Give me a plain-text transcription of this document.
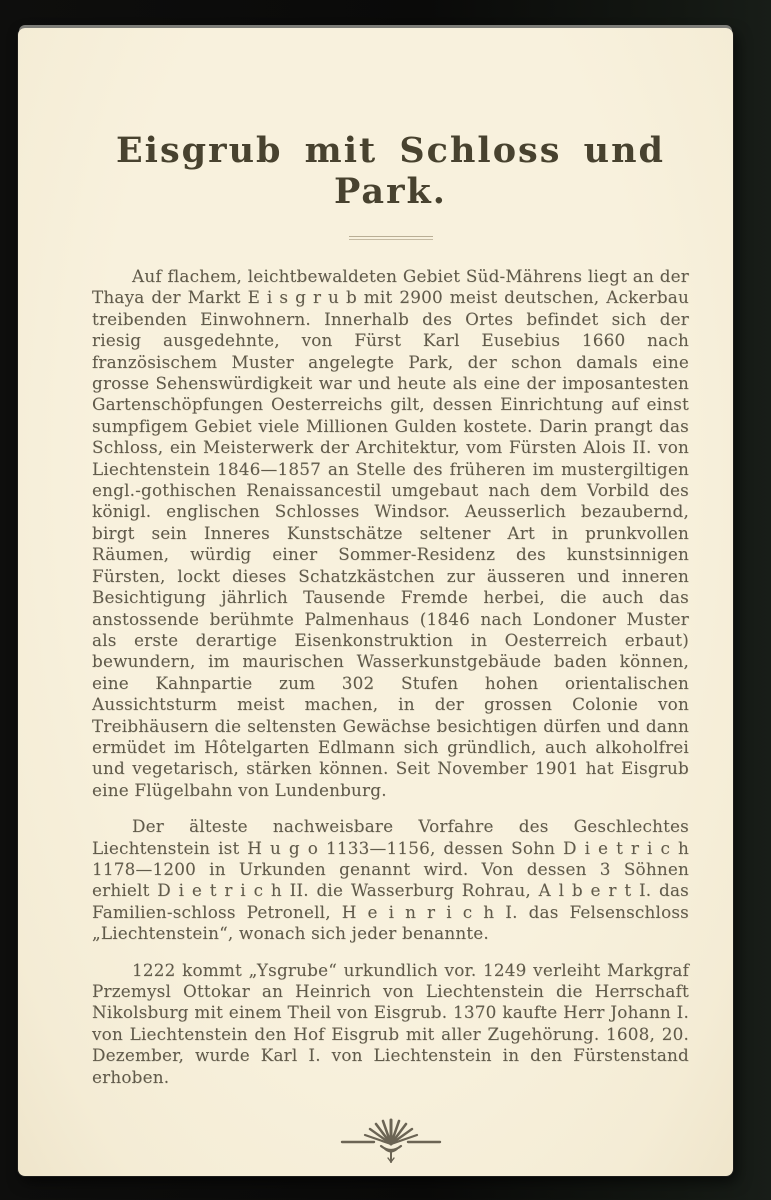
Eisgrub mit Schloss und Park.

Auf flachem, leichtbewaldeten Gebiet Süd-Mährens liegt an der Thaya der Markt E i s g r u b mit 2900 meist deutschen, Ackerbau treibenden Einwohnern. Innerhalb des Ortes befindet sich der riesig ausgedehnte, von Fürst Karl Eusebius 1660 nach französischem Muster angelegte Park, der schon damals eine grosse Sehenswürdigkeit war und heute als eine der imposantesten Gartenschöpfungen Oesterreichs gilt, dessen Einrichtung auf einst sumpfigem Gebiet viele Millionen Gulden kostete. Darin prangt das Schloss, ein Meisterwerk der Architektur, vom Fürsten Alois II. von Liechtenstein 1846—1857 an Stelle des früheren im mustergiltigen engl.-gothischen Renaissancestil umgebaut nach dem Vorbild des königl. englischen Schlosses Windsor. Aeusserlich bezaubernd, birgt sein Inneres Kunstschätze seltener Art in prunkvollen Räumen, würdig einer Sommer-Residenz des kunstsinnigen Fürsten, lockt dieses Schatzkästchen zur äusseren und inneren Besichtigung jährlich Tausende Fremde herbei, die auch das anstossende berühmte Palmenhaus (1846 nach Londoner Muster als erste derartige Eisenkonstruktion in Oesterreich erbaut) bewundern, im maurischen Wasserkunstgebäude baden können, eine Kahnpartie zum 302 Stufen hohen orientalischen Aussichtsturm meist machen, in der grossen Colonie von Treibhäusern die seltensten Gewächse besichtigen dürfen und dann ermüdet im Hôtelgarten Edlmann sich gründlich, auch alkoholfrei und vegetarisch, stärken können. Seit November 1901 hat Eisgrub eine Flügelbahn von Lundenburg.

Der älteste nachweisbare Vorfahre des Geschlechtes Liechtenstein ist H u g o 1133—1156, dessen Sohn D i e t r i c h 1178—1200 in Urkunden genannt wird. Von dessen 3 Söhnen erhielt D i e t r i c h II. die Wasserburg Rohrau, A l b e r t I. das Familien-schloss Petronell, H e i n r i c h I. das Felsenschloss „Liechtenstein“, wonach sich jeder benannte.

1222 kommt „Ysgrube“ urkundlich vor. 1249 verleiht Markgraf Przemysl Ottokar an Heinrich von Liechtenstein die Herrschaft Nikolsburg mit einem Theil von Eisgrub. 1370 kaufte Herr Johann I. von Liechtenstein den Hof Eisgrub mit aller Zugehörung. 1608, 20. Dezember, wurde Karl I. von Liechtenstein in den Fürstenstand erhoben.
